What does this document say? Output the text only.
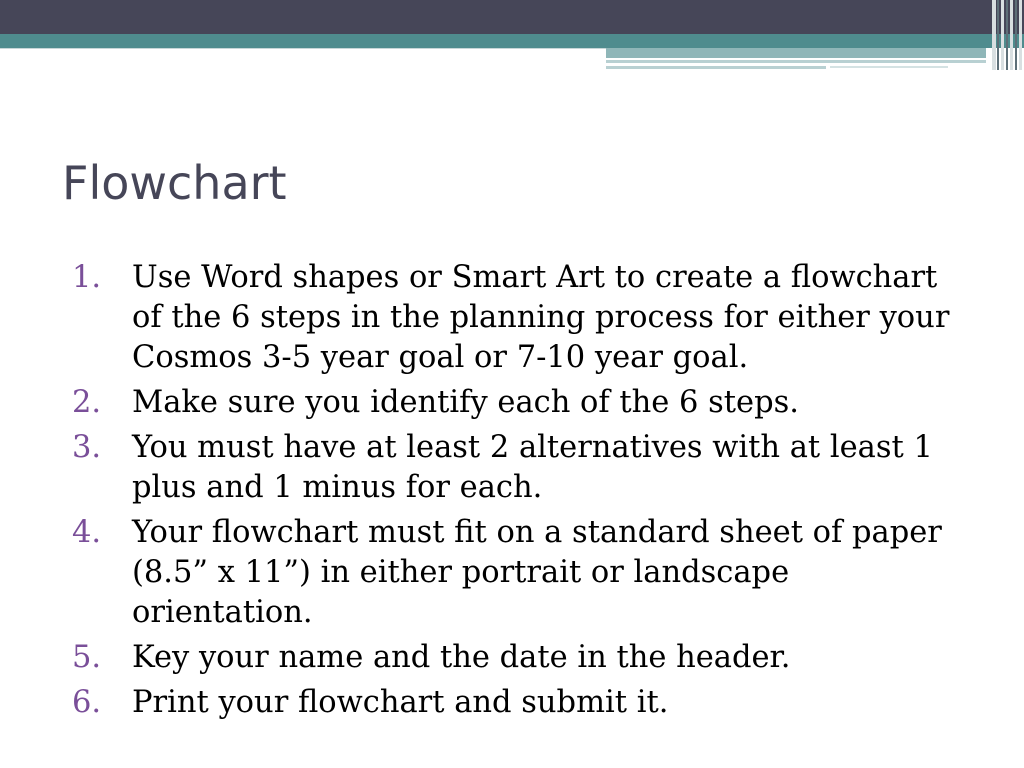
Flowchart
1.	Use Word shapes or Smart Art to create a flowchart of the 6 steps in the planning process for either your Cosmos 3-5 year goal or 7-10 year goal.
2.	Make sure you identify each of the 6 steps.
3.	You must have at least 2 alternatives with at least 1 plus and 1 minus for each.
4.	Your flowchart must fit on a standard sheet of paper (8.5” x 11”) in either portrait or landscape orientation.
5.	Key your name and the date in the header.
6.	Print your flowchart and submit it.
